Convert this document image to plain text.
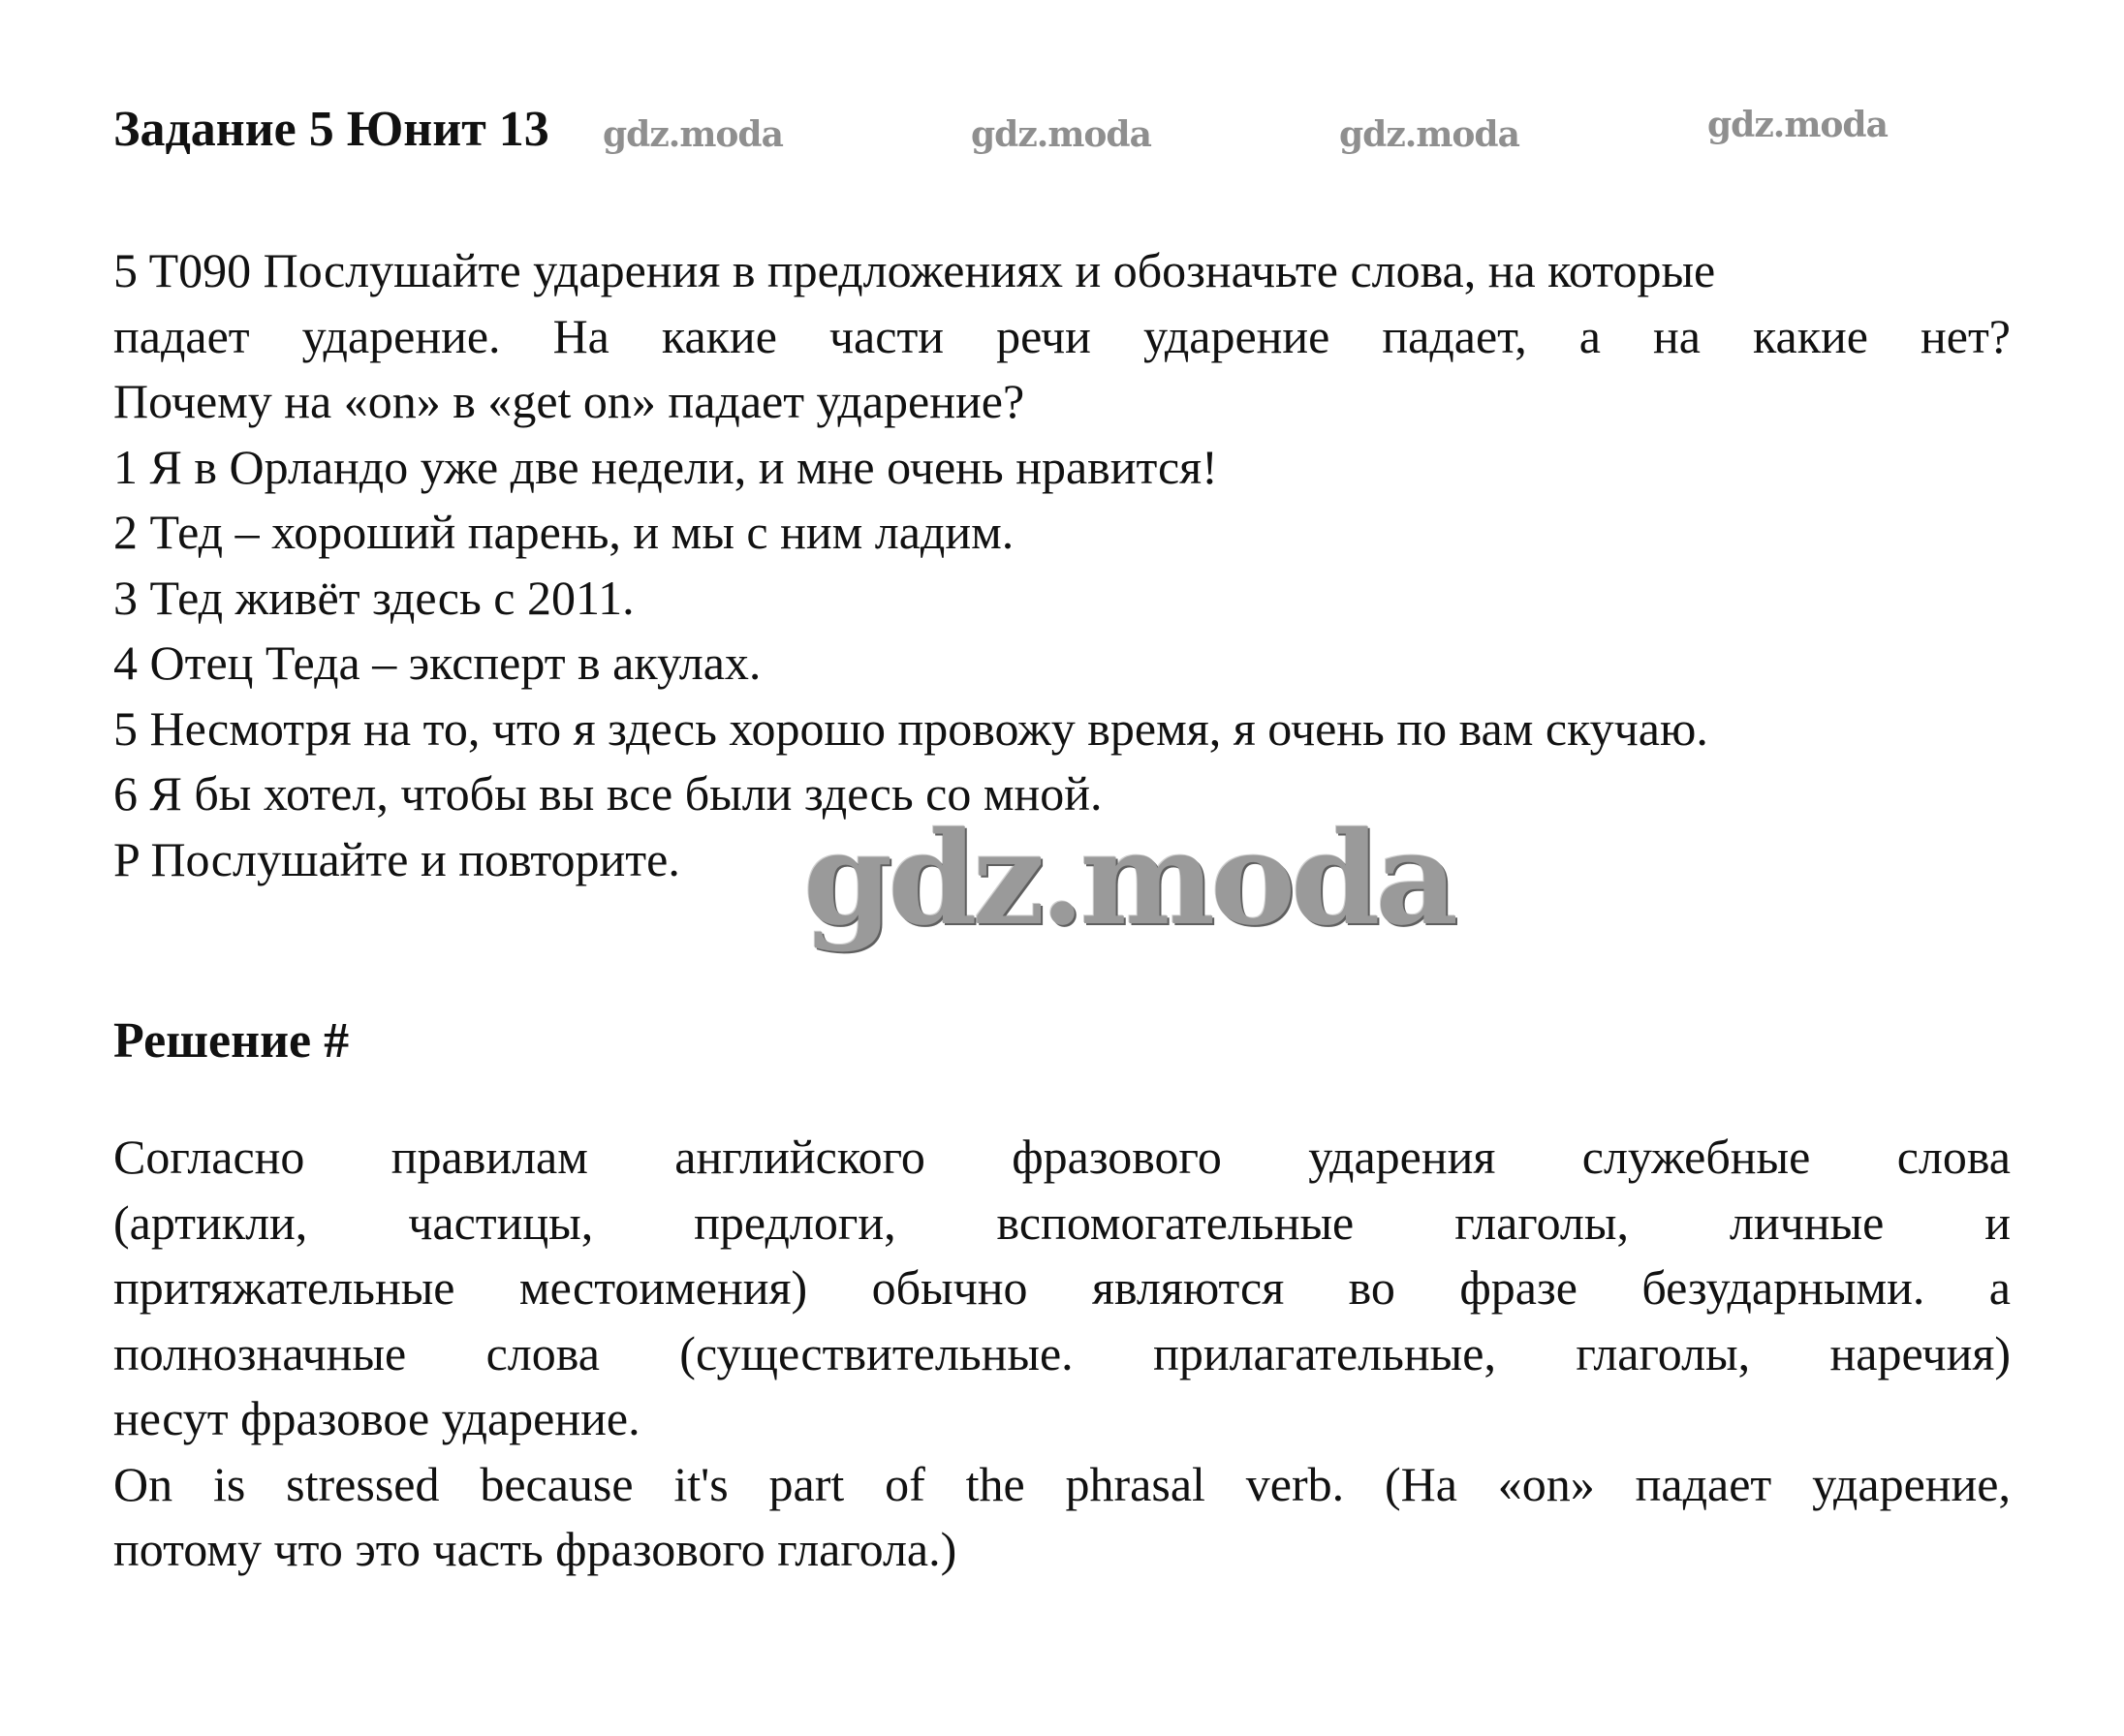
Задание 5 Юнит 13 gdz.moda	gdz.moda	gdz.moda	gdz.moda
5 T090 Послушайте ударения в предложениях и обозначьте слова, на которые
падает ударение. На какие части речи ударение падает, а на какие нет?
Почему на «on» в «get on» падает ударение?
1 Я в Орландо уже две недели, и мне очень нравится!
2 Тед – хороший парень, и мы с ним ладим.
3 Тед живёт здесь с 2011.
4 Отец Теда – эксперт в акулах.
5 Несмотря на то, что я здесь хорошо провожу время, я очень по вам скучаю.
6 Я бы хотел, чтобы вы все были здесь со мной.
P Послушайте и повторите. gdz.moda
Решение #
Согласно правилам английского фразового ударения служебные слова
(артикли, частицы, предлоги, вспомогательные глаголы, личные и
притяжательные местоимения) обычно являются во фразе безударными. а
полнозначные слова (существительные. прилагательные, глаголы, наречия)
несут фразовое ударение.
On is stressed because it's part of the phrasal verb. (На «on» падает ударение,
потому что это часть фразового глагола.)
